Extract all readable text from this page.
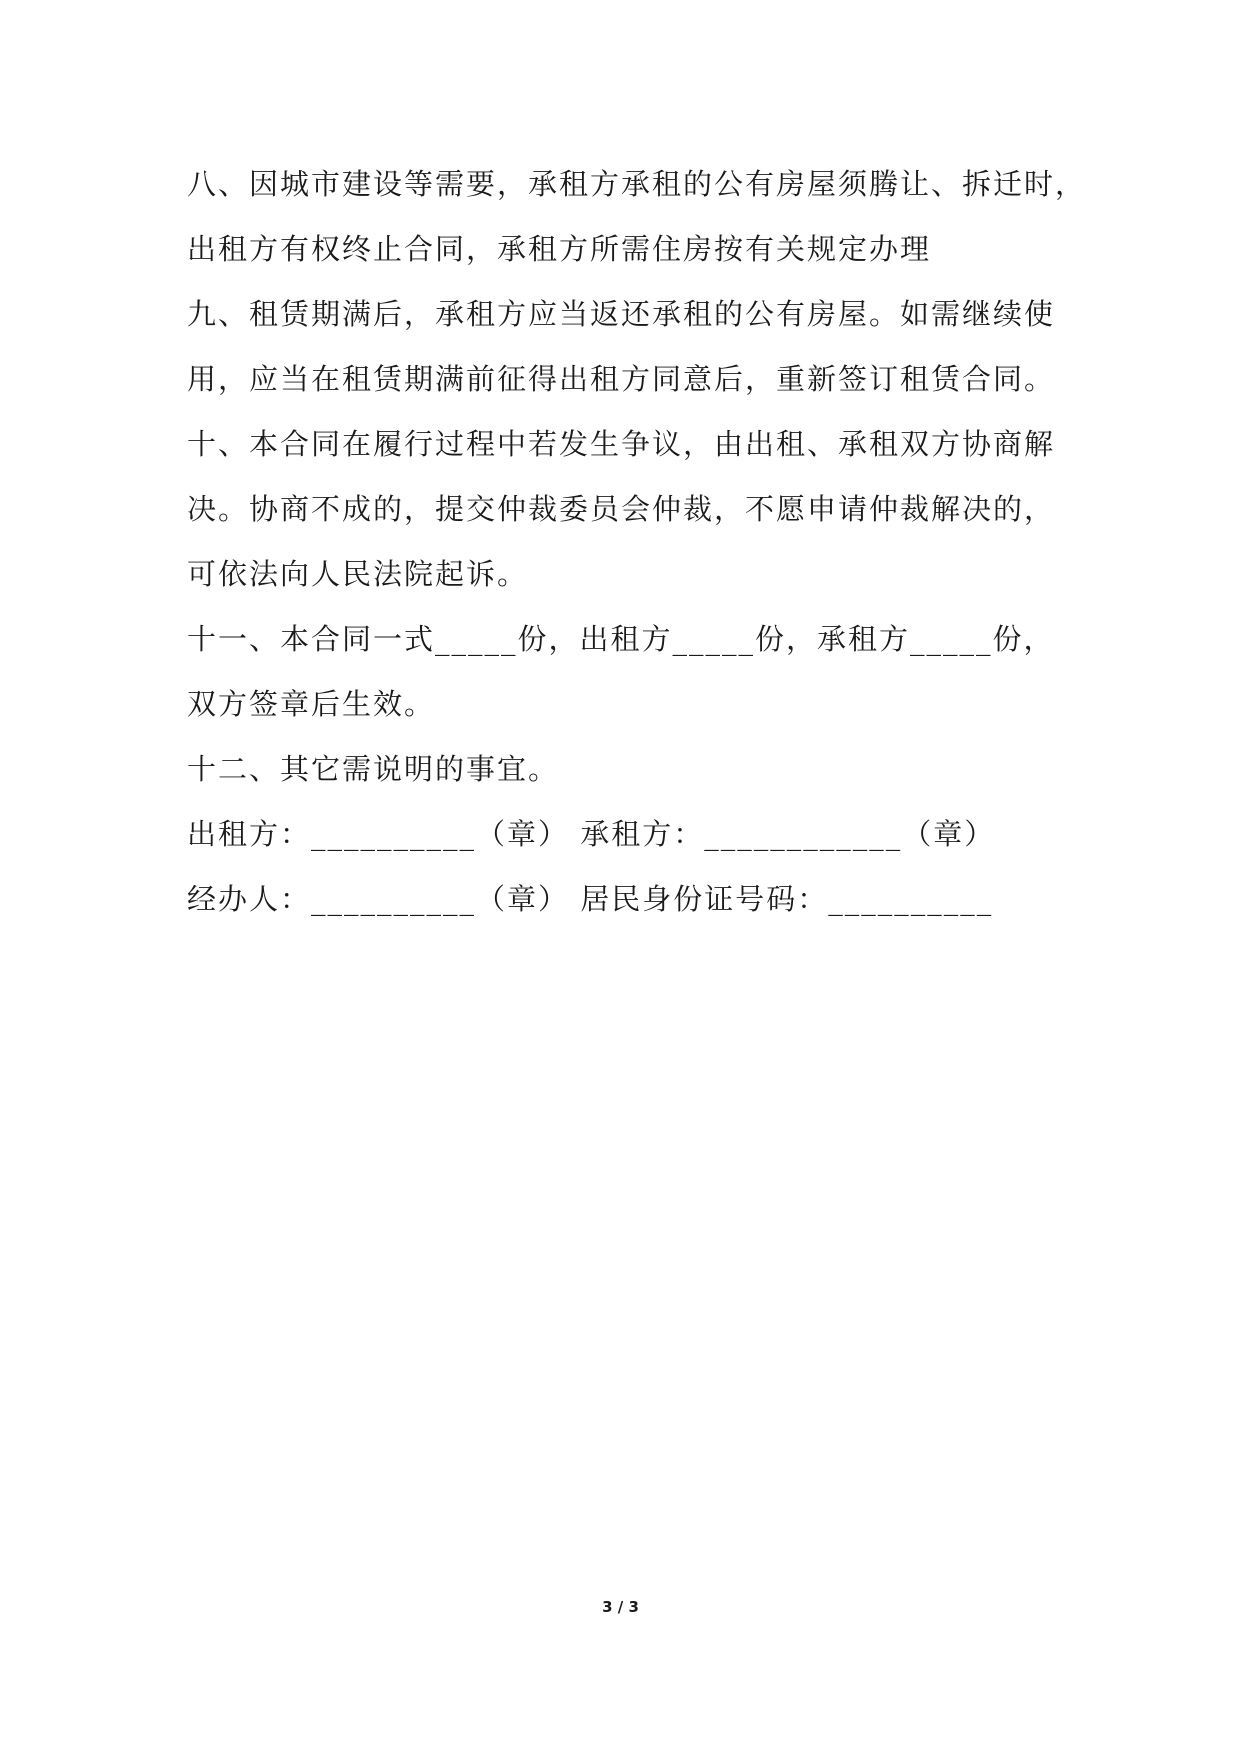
八、因城市建设等需要，承租方承租的公有房屋须腾让、拆迁时，
出租方有权终止合同，承租方所需住房按有关规定办理
九、租赁期满后，承租方应当返还承租的公有房屋。如需继续使
用，应当在租赁期满前征得出租方同意后，重新签订租赁合同。
十、本合同在履行过程中若发生争议，由出租、承租双方协商解
决。协商不成的，提交仲裁委员会仲裁，不愿申请仲裁解决的，
可依法向人民法院起诉。
十一、本合同一式_____份，出租方_____份，承租方_____份，
双方签章后生效。
十二、其它需说明的事宜。
出租方：__________（章） 承租方：____________（章）
经办人：__________（章） 居民身份证号码：__________
3 / 3
